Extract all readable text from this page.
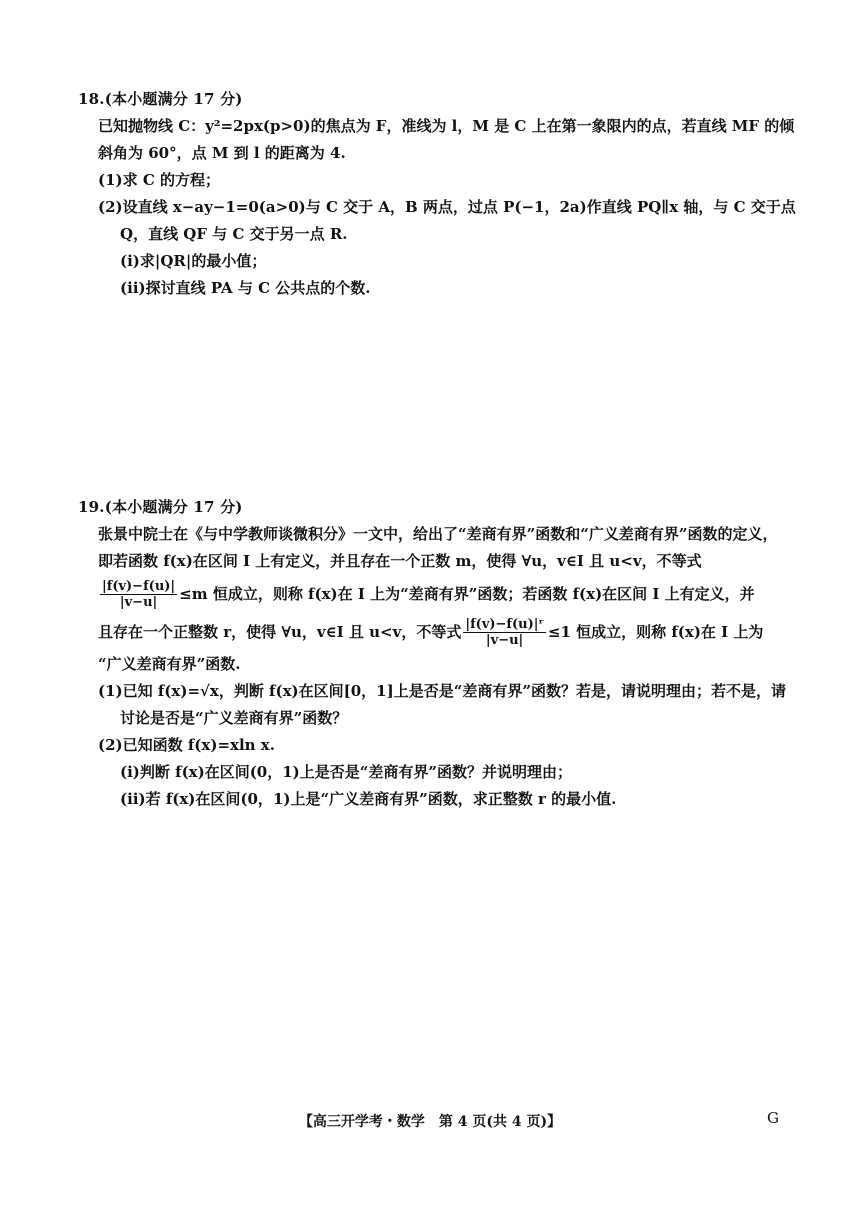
18.(本小题满分 17 分)
已知抛物线 C：y²=2px(p>0)的焦点为 F，准线为 l，M 是 C 上在第一象限内的点，若直线 MF 的倾
斜角为 60°，点 M 到 l 的距离为 4.
(1)求 C 的方程；
(2)设直线 x−ay−1=0(a>0)与 C 交于 A，B 两点，过点 P(−1，2a)作直线 PQ∥x 轴，与 C 交于点
Q，直线 QF 与 C 交于另一点 R.
(ⅰ)求|QR|的最小值；
(ⅱ)探讨直线 PA 与 C 公共点的个数.
19.(本小题满分 17 分)
张景中院士在《与中学教师谈微积分》一文中，给出了“差商有界”函数和“广义差商有界”函数的定义，
即若函数 f(x)在区间 I 上有定义，并且存在一个正数 m，使得 ∀u，v∈I 且 u<v，不等式
$\frac{|f(v)-f(u)|}{|v-u|} \le m$ 恒成立，则称 f(x)在 I 上为“差商有界”函数；若函数 f(x)在区间 I 上有定义，并
且存在一个正整数 r，使得 ∀u，v∈I 且 u<v，不等式 $\frac{\text{|f(v)−f(u)|ʳ}}{|v-u|} \le 1$ 恒成立，则称 f(x)在 I 上为
“广义差商有界”函数.
(1)已知 f(x)=√x，判断 f(x)在区间[0，1]上是否是“差商有界”函数？若是，请说明理由；若不是，请
讨论是否是“广义差商有界”函数？
(2)已知函数 f(x)=xln x.
(ⅰ)判断 f(x)在区间(0，1)上是否是“差商有界”函数？并说明理由；
(ⅱ)若 f(x)在区间(0，1)上是“广义差商有界”函数，求正整数 r 的最小值.
【高三开学考・数学　第 4 页(共 4 页)】	G
